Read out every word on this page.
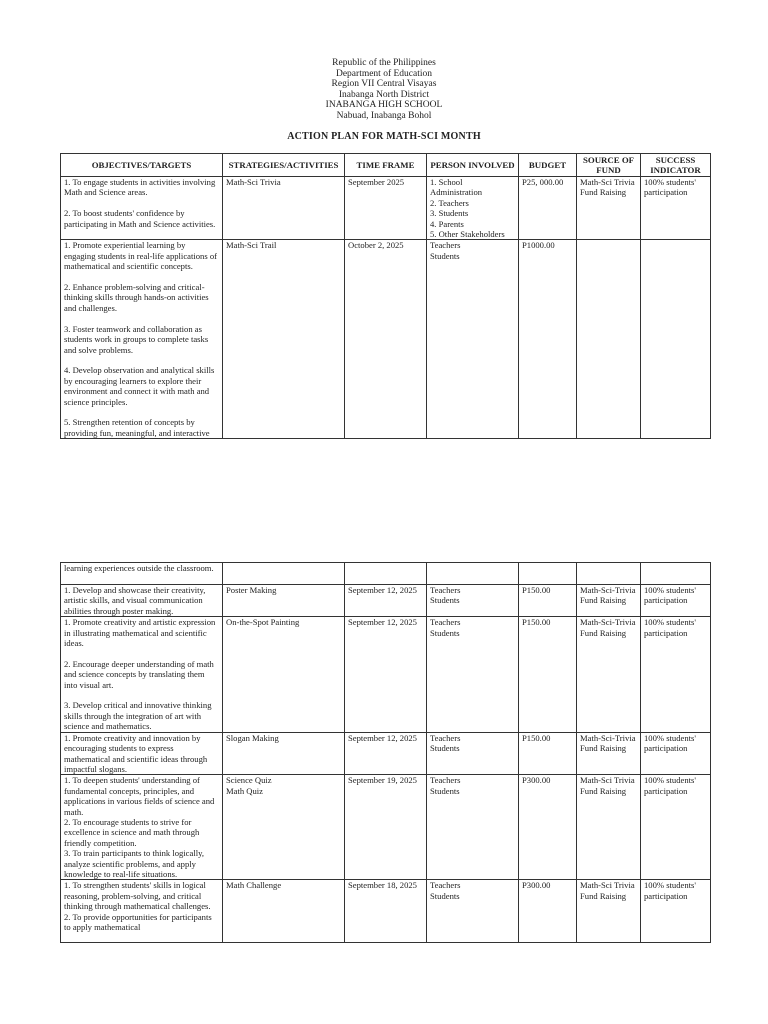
Republic of the Philippines
Department of Education
Region VII Central Visayas
Inabanga North District
INABANGA HIGH SCHOOL
Nabuad, Inabanga Bohol
ACTION PLAN FOR MATH-SCI MONTH
OBJECTIVES/TARGETS	STRATEGIES/ACTIVITIES	TIME FRAME	PERSON INVOLVED	BUDGET	SOURCE OF FUND	SUCCESS INDICATOR

1. To engage students in activities involving Math and Science areas.

2. To boost students' confidence by participating in Math and Science activities.	Math-Sci Trivia	September 2025	1. School Administration
2. Teachers
3. Students
4. Parents
5. Other Stakeholders	P25, 000.00	Math-Sci Trivia Fund Raising	100% students' participation

1. Promote experiential learning by engaging students in real-life applications of mathematical and scientific concepts.

2. Enhance problem-solving and critical-thinking skills through hands-on activities and challenges.

3. Foster teamwork and collaboration as students work in groups to complete tasks and solve problems.

4. Develop observation and analytical skills by encouraging learners to explore their environment and connect it with math and science principles.

5. Strengthen retention of concepts by providing fun, meaningful, and interactive	Math-Sci Trail	October 2, 2025	Teachers
Students	P1000.00		

learning experiences outside the classroom.						

1. Develop and showcase their creativity, artistic skills, and visual communication abilities through poster making.	Poster Making	September 12, 2025	Teachers
Students	P150.00	Math-Sci-Trivia Fund Raising	100% students' participation

1. Promote creativity and artistic expression in illustrating mathematical and scientific ideas.

2. Encourage deeper understanding of math and science concepts by translating them into visual art.

3. Develop critical and innovative thinking skills through the integration of art with science and mathematics.	On-the-Spot Painting	September 12, 2025	Teachers
Students	P150.00	Math-Sci-Trivia Fund Raising	100% students' participation

1. Promote creativity and innovation by encouraging students to express mathematical and scientific ideas through impactful slogans.	Slogan Making	September 12, 2025	Teachers
Students	P150.00	Math-Sci-Trivia Fund Raising	100% students' participation

1. To deepen students' understanding of fundamental concepts, principles, and applications in various fields of science and math.
2. To encourage students to strive for excellence in science and math through friendly competition.
3. To train participants to think logically, analyze scientific problems, and apply knowledge to real-life situations.	Science Quiz
Math Quiz	September 19, 2025	Teachers
Students	P300.00	Math-Sci Trivia Fund Raising	100% students' participation

1. To strengthen students' skills in logical reasoning, problem-solving, and critical thinking through mathematical challenges.
2. To provide opportunities for participants to apply mathematical	Math Challenge	September 18, 2025	Teachers
Students	P300.00	Math-Sci Trivia Fund Raising	100% students' participation
